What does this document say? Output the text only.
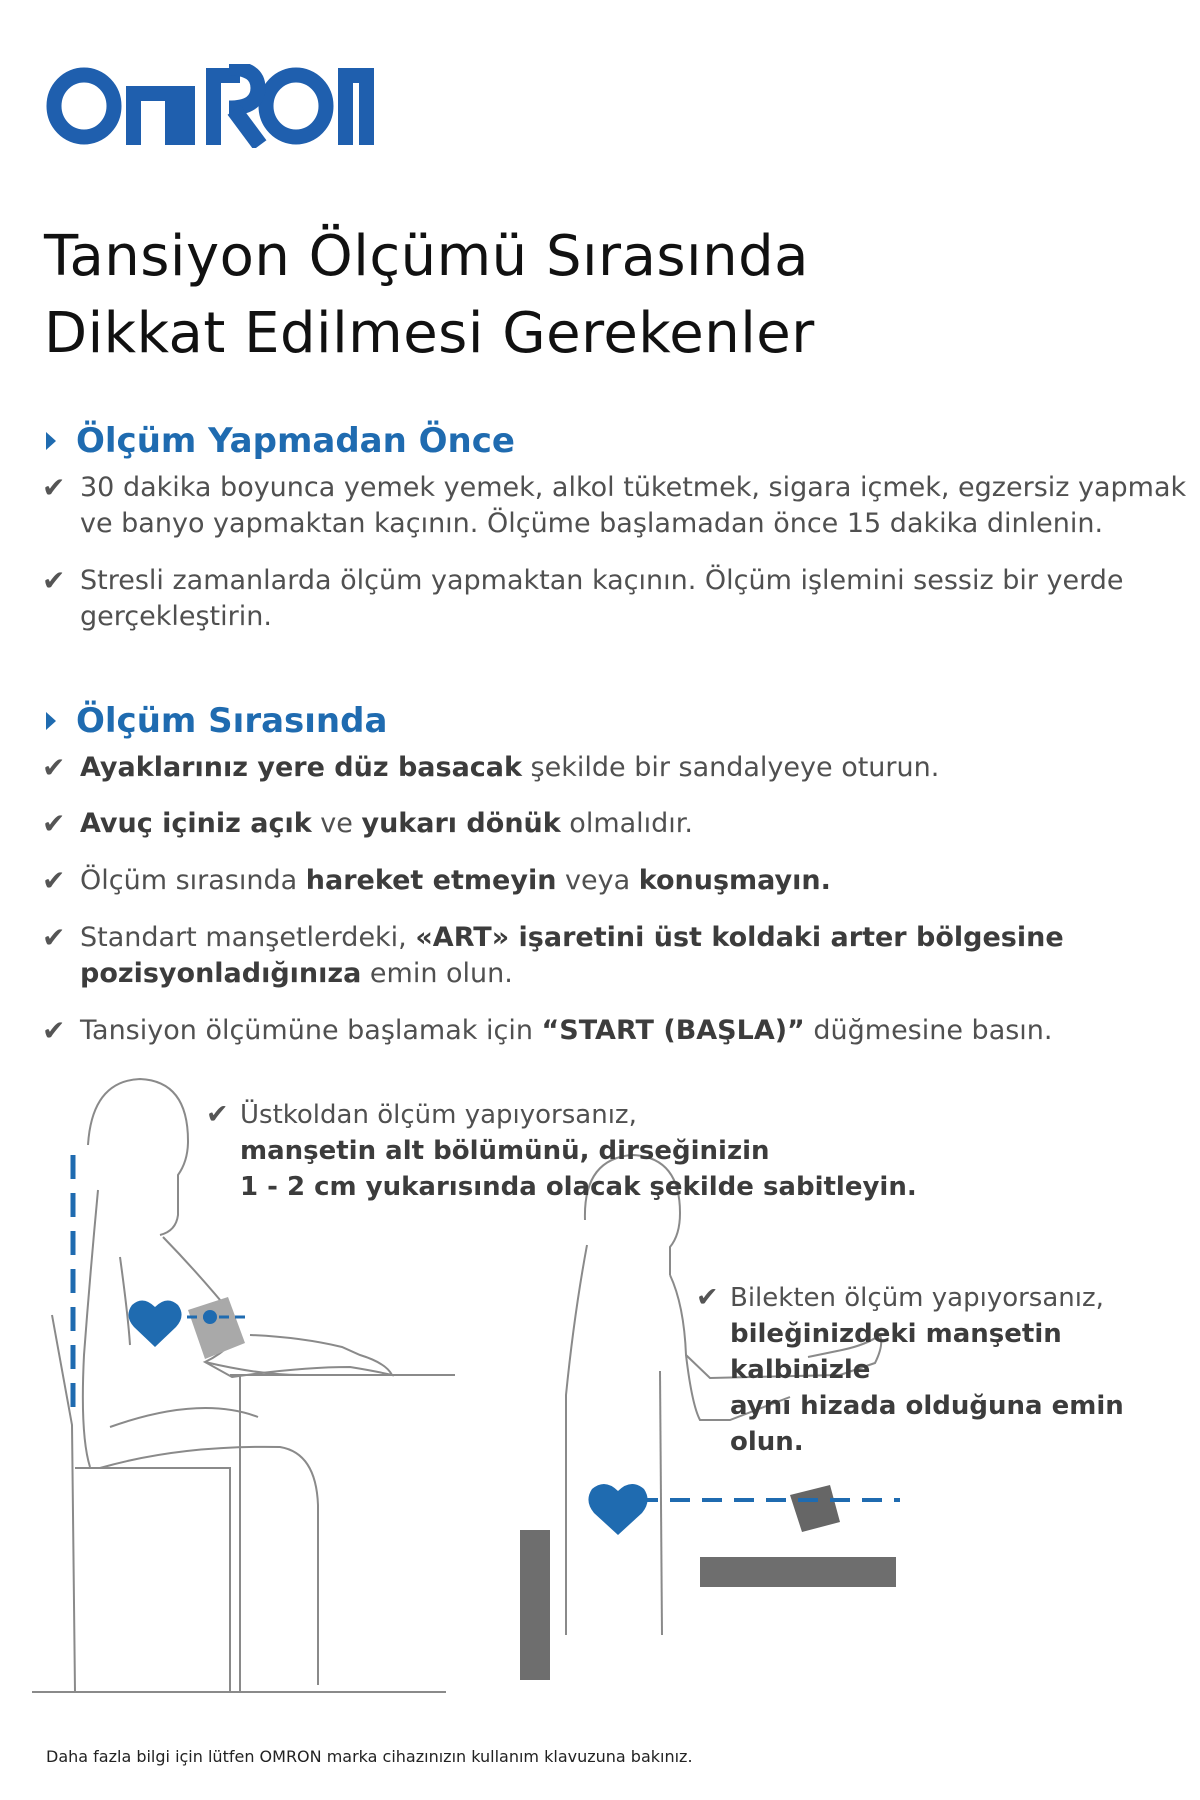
Tansiyon Ölçümü Sırasında
Dikkat Edilmesi Gerekenler
Ölçüm Yapmadan Önce
✔ 30 dakika boyunca yemek yemek, alkol tüketmek, sigara içmek, egzersiz yapmak
ve banyo yapmaktan kaçının. Ölçüme başlamadan önce 15 dakika dinlenin.
✔ Stresli zamanlarda ölçüm yapmaktan kaçının. Ölçüm işlemini sessiz bir yerde
gerçekleştirin.
Ölçüm Sırasında
✔ Ayaklarınız yere düz basacak şekilde bir sandalyeye oturun.
✔ Avuç içiniz açık ve yukarı dönük olmalıdır.
✔ Ölçüm sırasında hareket etmeyin veya konuşmayın.
✔ Standart manşetlerdeki, «ART» işaretini üst koldaki arter bölgesine
pozisyonladığınıza emin olun.
✔ Tansiyon ölçümüne başlamak için “START (BAŞLA)” düğmesine basın.
✔ Üstkoldan ölçüm yapıyorsanız,
manşetin alt bölümünü, dirseğinizin
1 - 2 cm yukarısında olacak şekilde sabitleyin.
✔ Bilekten ölçüm yapıyorsanız,
bileğinizdeki manşetin kalbinizle
aynı hizada olduğuna emin olun.
Daha fazla bilgi için lütfen OMRON marka cihazınızın kullanım klavuzuna bakınız.
